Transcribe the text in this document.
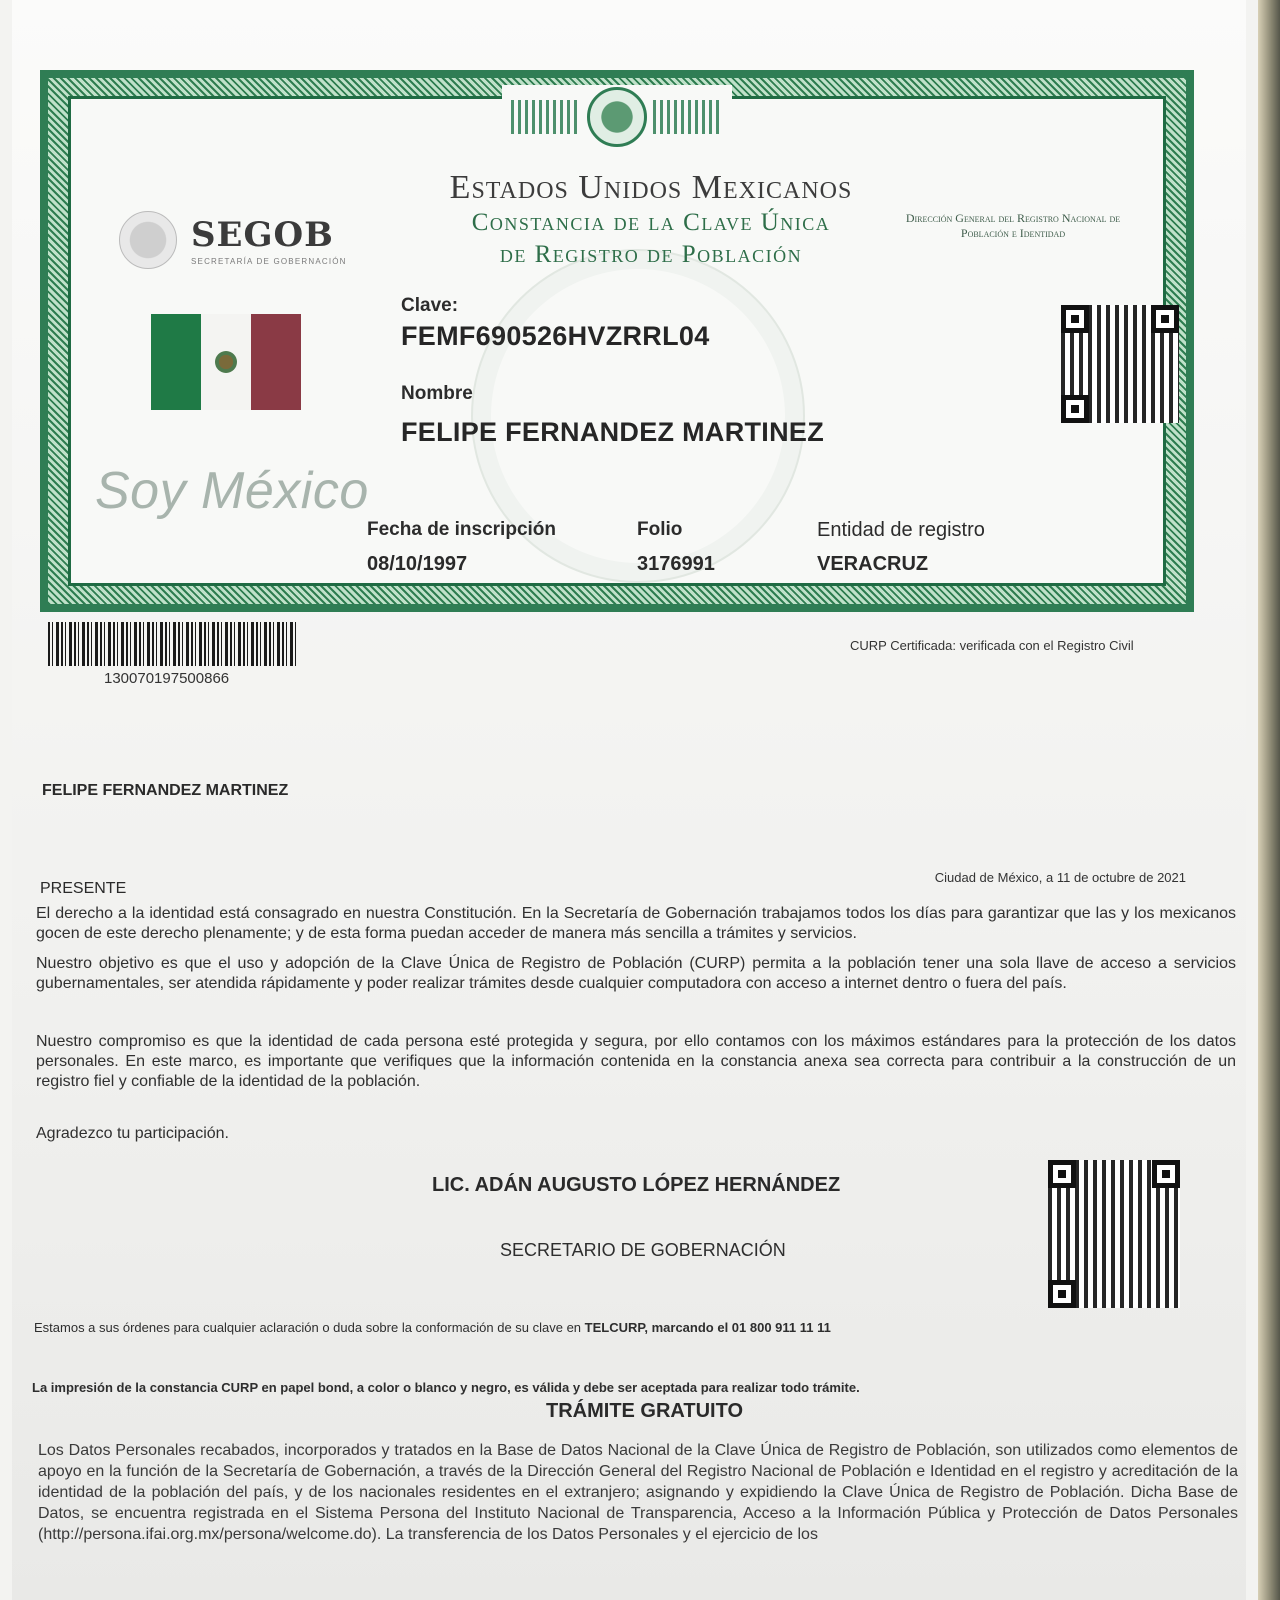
SEGOB
SECRETARÍA DE GOBERNACIÓN
Estados Unidos Mexicanos
Constancia de la Clave Única
de Registro de Población
Dirección General del Registro Nacional de Población e Identidad
Soy México
Clave:
FEMF690526HVZRRL04
Nombre
FELIPE FERNANDEZ MARTINEZ
Fecha de inscripción
08/10/1997
Folio
3176991
Entidad de registro
VERACRUZ
130070197500866
CURP Certificada: verificada con el Registro Civil
FELIPE FERNANDEZ MARTINEZ
Ciudad de México, a 11 de octubre de 2021
PRESENTE
El derecho a la identidad está consagrado en nuestra Constitución. En la Secretaría de Gobernación trabajamos todos los días para garantizar que las y los mexicanos gocen de este derecho plenamente; y de esta forma puedan acceder de manera más sencilla a trámites y servicios.
Nuestro objetivo es que el uso y adopción de la Clave Única de Registro de Población (CURP) permita a la población tener una sola llave de acceso a servicios gubernamentales, ser atendida rápidamente y poder realizar trámites desde cualquier computadora con acceso a internet dentro o fuera del país.
Nuestro compromiso es que la identidad de cada persona esté protegida y segura, por ello contamos con los máximos estándares para la protección de los datos personales. En este marco, es importante que verifiques que la información contenida en la constancia anexa sea correcta para contribuir a la construcción de un registro fiel y confiable de la identidad de la población.
Agradezco tu participación.
LIC. ADÁN AUGUSTO LÓPEZ HERNÁNDEZ
SECRETARIO DE GOBERNACIÓN
Estamos a sus órdenes para cualquier aclaración o duda sobre la conformación de su clave en TELCURP, marcando el 01 800 911 11 11
La impresión de la constancia CURP en papel bond, a color o blanco y negro, es válida y debe ser aceptada para realizar todo trámite.
TRÁMITE GRATUITO
Los Datos Personales recabados, incorporados y tratados en la Base de Datos Nacional de la Clave Única de Registro de Población, son utilizados como elementos de apoyo en la función de la Secretaría de Gobernación, a través de la Dirección General del Registro Nacional de Población e Identidad en el registro y acreditación de la identidad de la población del país, y de los nacionales residentes en el extranjero; asignando y expidiendo la Clave Única de Registro de Población. Dicha Base de Datos, se encuentra registrada en el Sistema Persona del Instituto Nacional de Transparencia, Acceso a la Información Pública y Protección de Datos Personales (http://persona.ifai.org.mx/persona/welcome.do). La transferencia de los Datos Personales y el ejercicio de los
